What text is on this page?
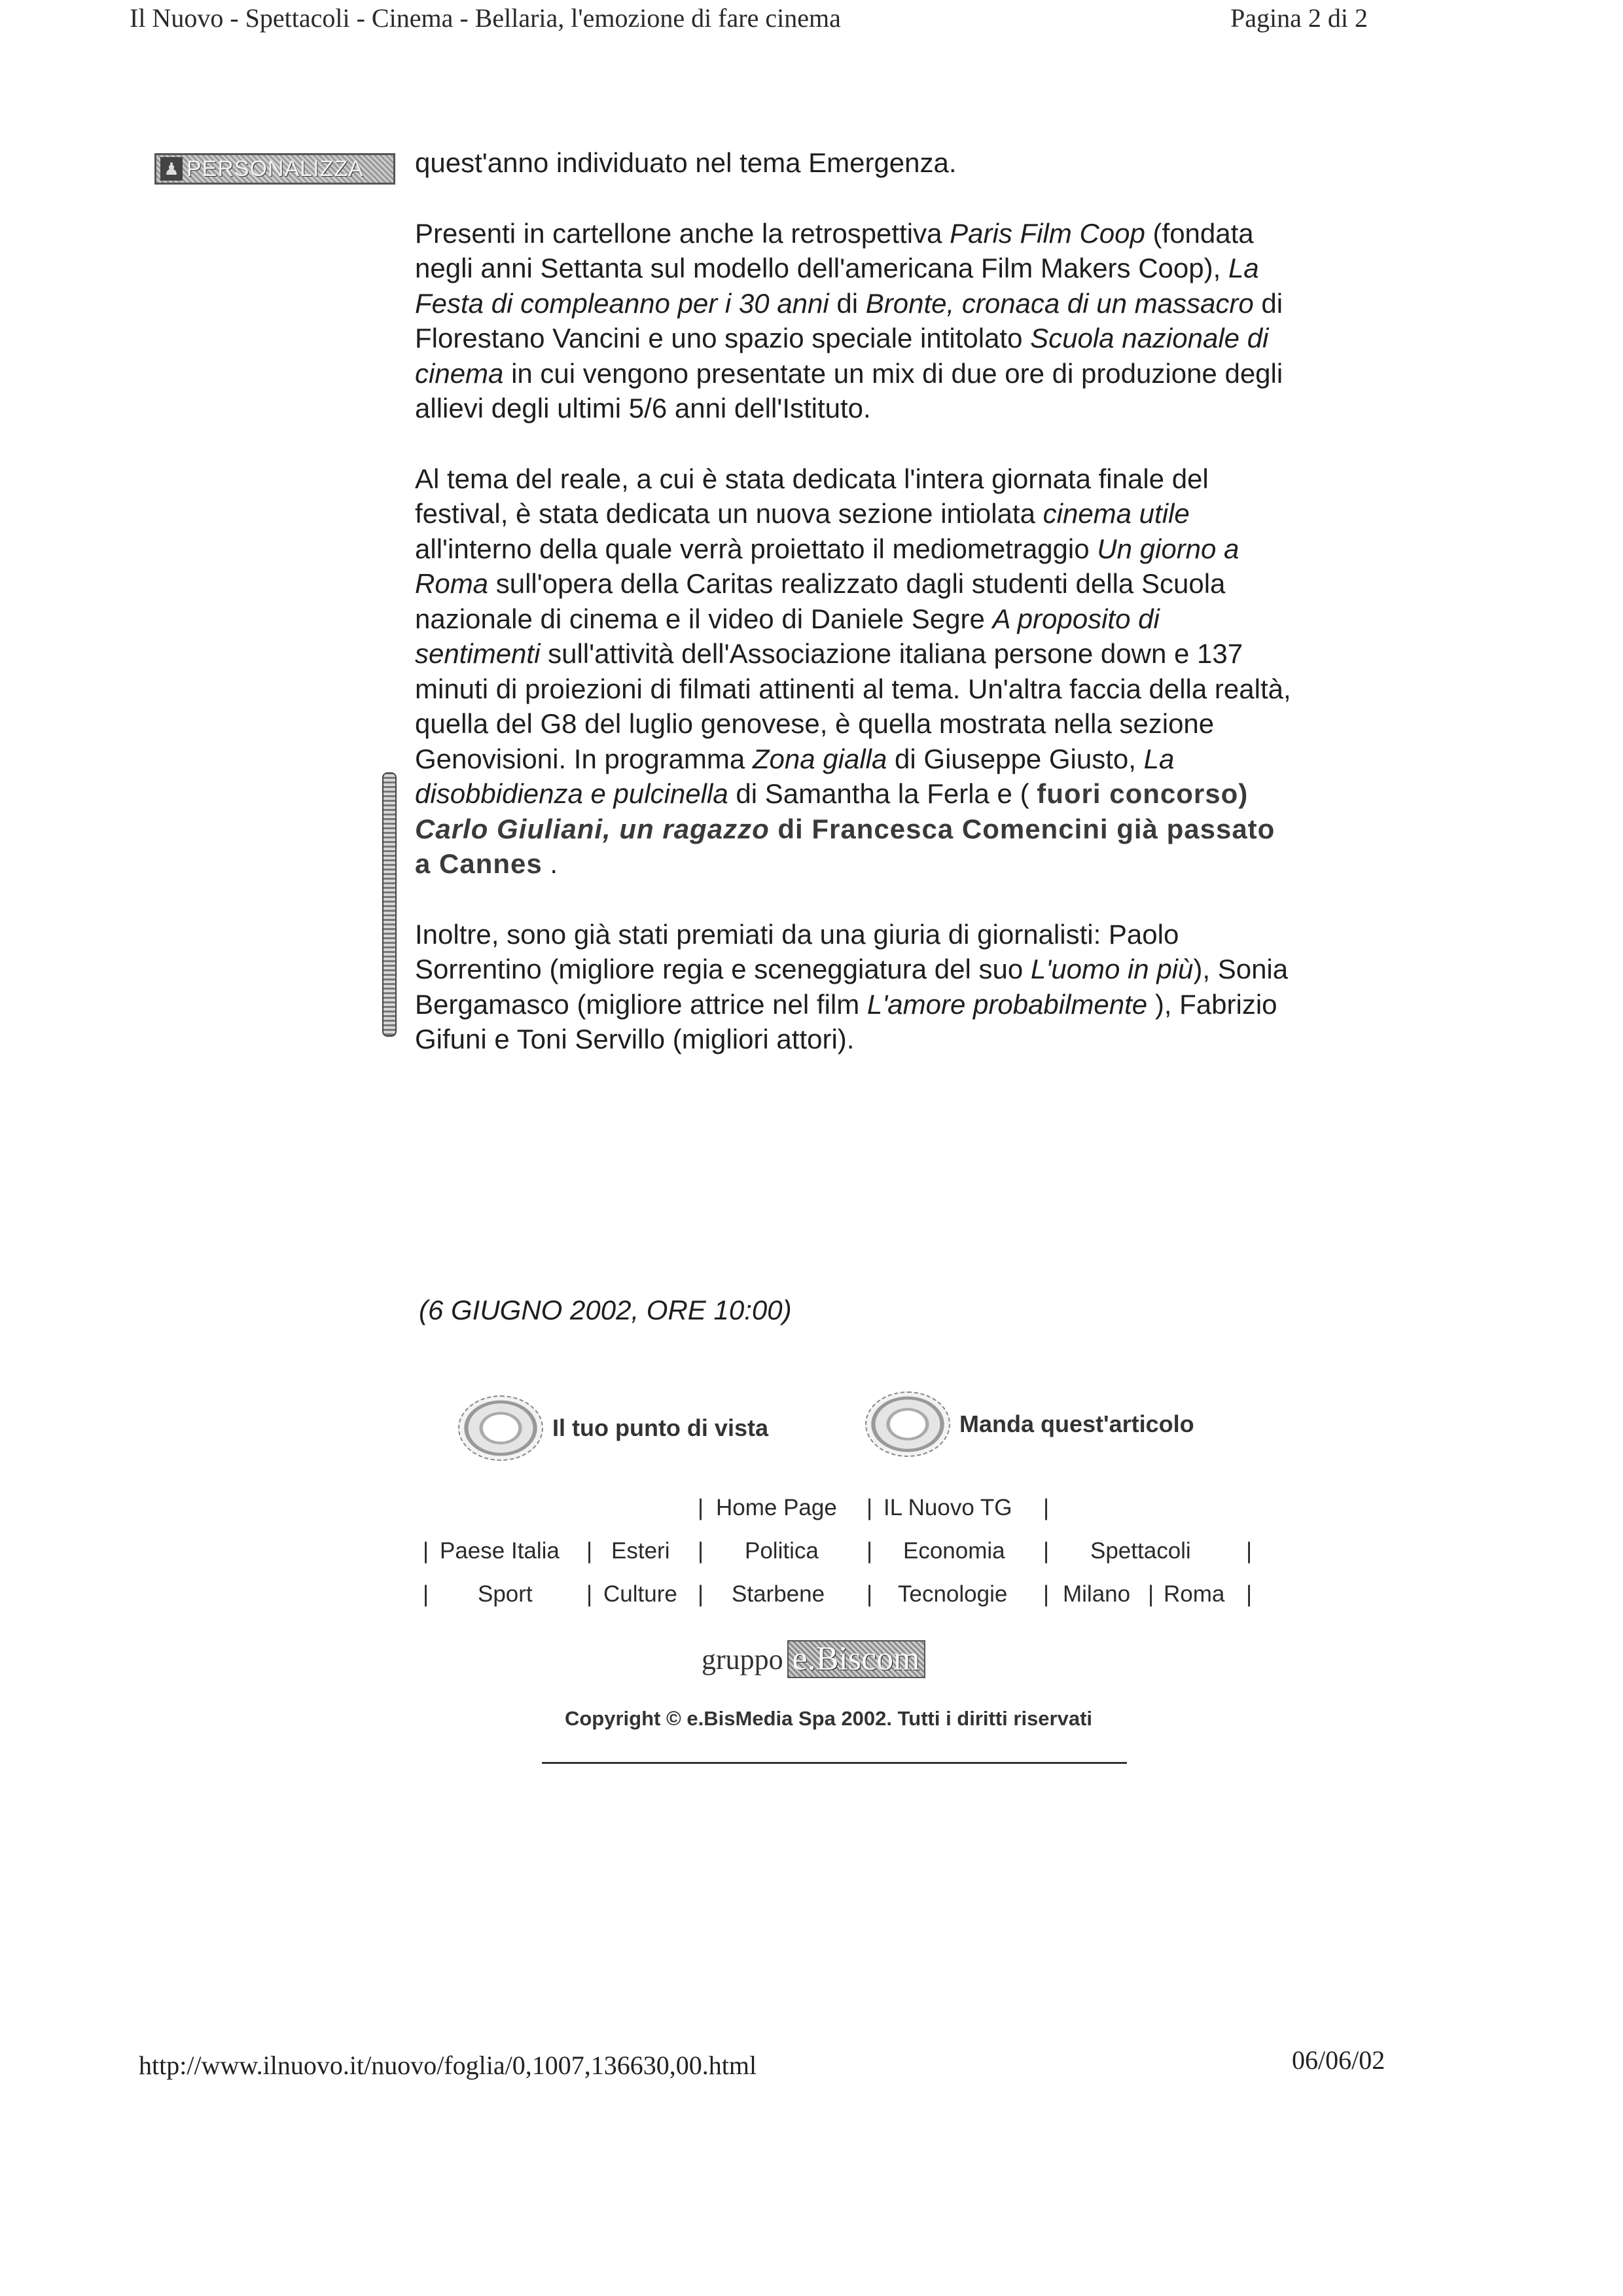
Il Nuovo - Spettacoli - Cinema - Bellaria, l'emozione di fare cinema	Pagina 2 di 2
♟ PERSONALIZZA quest'anno individuato nel tema Emergenza.

Presenti in cartellone anche la retrospettiva Paris Film Coop (fondata negli anni Settanta sul modello dell'americana Film Makers Coop), La Festa di compleanno per i 30 anni di Bronte, cronaca di un massacro di Florestano Vancini e uno spazio speciale intitolato Scuola nazionale di cinema in cui vengono presentate un mix di due ore di produzione degli allievi degli ultimi 5/6 anni dell'Istituto.

Al tema del reale, a cui è stata dedicata l'intera giornata finale del festival, è stata dedicata un nuova sezione intiolata cinema utile all'interno della quale verrà proiettato il mediometraggio Un giorno a Roma sull'opera della Caritas realizzato dagli studenti della Scuola nazionale di cinema e il video di Daniele Segre A proposito di sentimenti sull'attività dell'Associazione italiana persone down e 137 minuti di proiezioni di filmati attinenti al tema. Un'altra faccia della realtà, quella del G8 del luglio genovese, è quella mostrata nella sezione Genovisioni. In programma Zona gialla di Giuseppe Giusto, La disobbidienza e pulcinella di Samantha la Ferla e ( fuori concorso) Carlo Giuliani, un ragazzo di Francesca Comencini già passato a Cannes .

Inoltre, sono già stati premiati da una giuria di giornalisti: Paolo Sorrentino (migliore regia e sceneggiatura del suo L'uomo in più), Sonia Bergamasco (migliore attrice nel film L'amore probabilmente ), Fabrizio Gifuni e Toni Servillo (migliori attori).

(6 GIUGNO 2002, ORE 10:00)
Il tuo punto di vista	Manda quest'articolo
| Home Page | IL Nuovo TG |
| Paese Italia | Esteri | Politica | Economia | Spettacoli |
| Sport | Culture | Starbene | Tecnologie | Milano | Roma |
gruppo e.Biscom
Copyright © e.BisMedia Spa 2002. Tutti i diritti riservati
http://www.ilnuovo.it/nuovo/foglia/0,1007,136630,00.html	06/06/02
